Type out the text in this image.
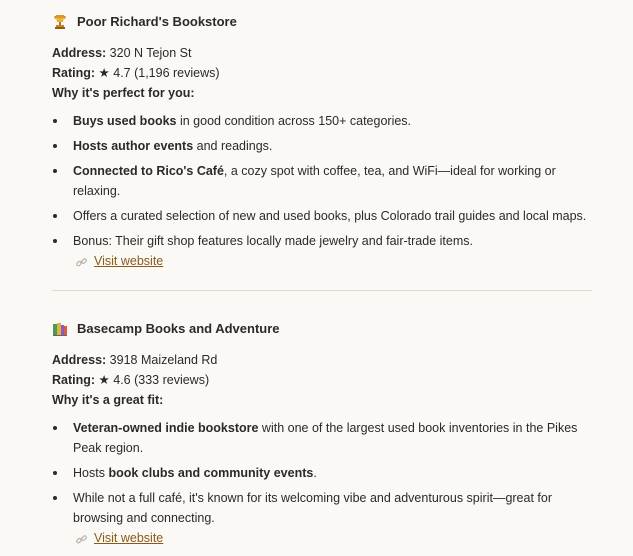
Poor Richard's Bookstore
Address: 320 N Tejon St
Rating: ★ 4.7 (1,196 reviews)
Why it's perfect for you:
Buys used books in good condition across 150+ categories.
Hosts author events and readings.
Connected to Rico's Café, a cozy spot with coffee, tea, and WiFi—ideal for working or relaxing.
Offers a curated selection of new and used books, plus Colorado trail guides and local maps.
Bonus: Their gift shop features locally made jewelry and fair-trade items.
Visit website
Basecamp Books and Adventure
Address: 3918 Maizeland Rd
Rating: ★ 4.6 (333 reviews)
Why it's a great fit:
Veteran-owned indie bookstore with one of the largest used book inventories in the Pikes Peak region.
Hosts book clubs and community events.
While not a full café, it's known for its welcoming vibe and adventurous spirit—great for browsing and connecting.
Visit website
